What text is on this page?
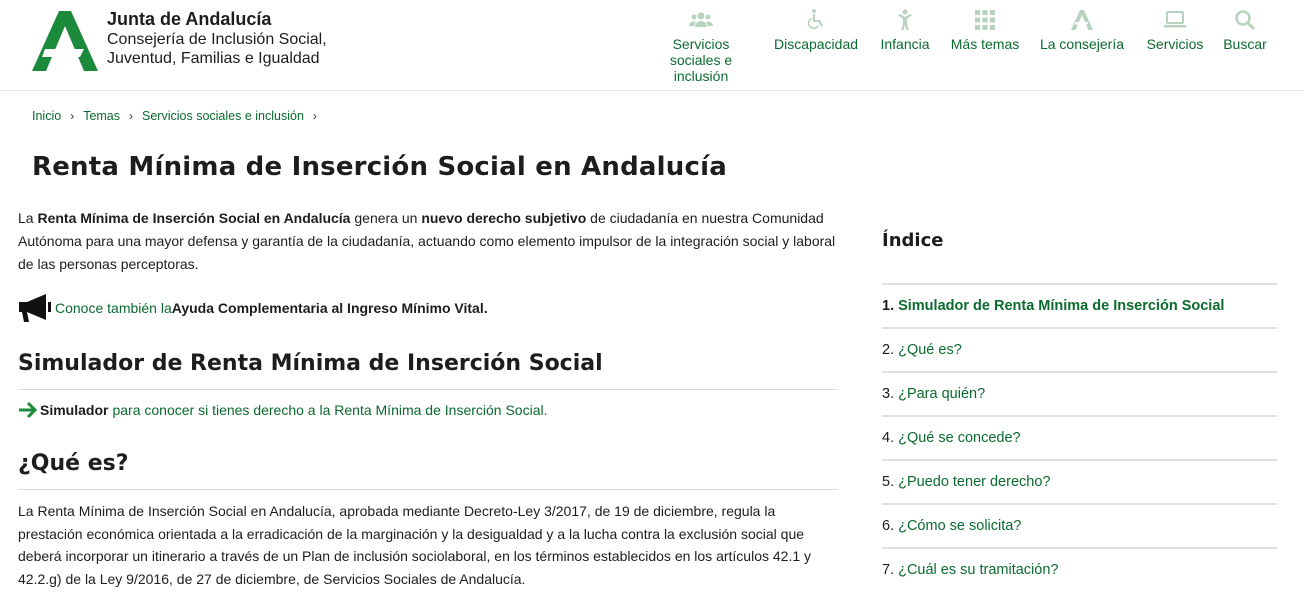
Junta de Andalucía
Consejería de Inclusión Social,
Juventud, Familias e Igualdad
Servicios
sociales e
inclusión
Discapacidad Infancia Más temas La consejería Servicios Buscar
Inicio › Temas › Servicios sociales e inclusión ›
Renta Mínima de Inserción Social en Andalucía

La Renta Mínima de Inserción Social en Andalucía genera un nuevo derecho subjetivo de ciudadanía en nuestra Comunidad Autónoma para una mayor defensa y garantía de la ciudadanía, actuando como elemento impulsor de la integración social y laboral de las personas perceptoras.

Conoce también la Ayuda Complementaria al Ingreso Mínimo Vital.
Simulador de Renta Mínima de Inserción Social
Simulador para conocer si tienes derecho a la Renta Mínima de Inserción Social.
¿Qué es?

La Renta Mínima de Inserción Social en Andalucía, aprobada mediante Decreto-Ley 3/2017, de 19 de diciembre, regula la prestación económica orientada a la erradicación de la marginación y la desigualdad y a la lucha contra la exclusión social que deberá incorporar un itinerario a través de un Plan de inclusión sociolaboral, en los términos establecidos en los artículos 42.1 y 42.2.g) de la Ley 9/2016, de 27 de diciembre, de Servicios Sociales de Andalucía.

Índice
1. Simulador de Renta Mínima de Inserción Social
2. ¿Qué es?
3. ¿Para quién?
4. ¿Qué se concede?
5. ¿Puedo tener derecho?
6. ¿Cómo se solicita?
7. ¿Cuál es su tramitación?
